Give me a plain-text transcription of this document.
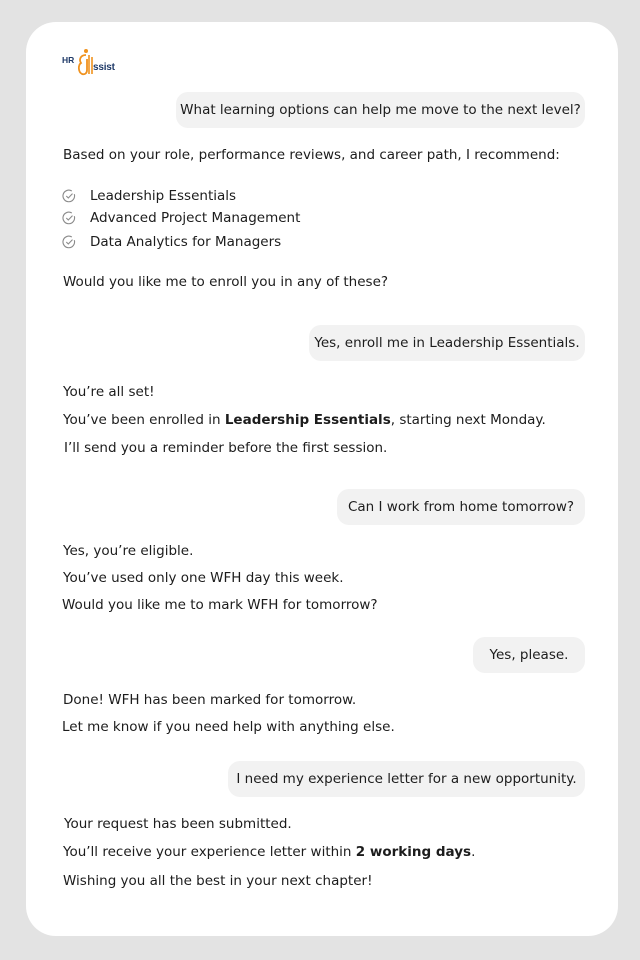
HR
ssist
What learning options can help me move to the next level?
Based on your role, performance reviews, and career path, I recommend:
Leadership Essentials
Advanced Project Management
Data Analytics for Managers
Would you like me to enroll you in any of these?
Yes, enroll me in Leadership Essentials.
You’re all set!
You’ve been enrolled in Leadership Essentials, starting next Monday.
I’ll send you a reminder before the first session.
Can I work from home tomorrow?
Yes, you’re eligible.
You’ve used only one WFH day this week.
Would you like me to mark WFH for tomorrow?
Yes, please.
Done! WFH has been marked for tomorrow.
Let me know if you need help with anything else.
I need my experience letter for a new opportunity.
Your request has been submitted.
You’ll receive your experience letter within 2 working days.
Wishing you all the best in your next chapter!
